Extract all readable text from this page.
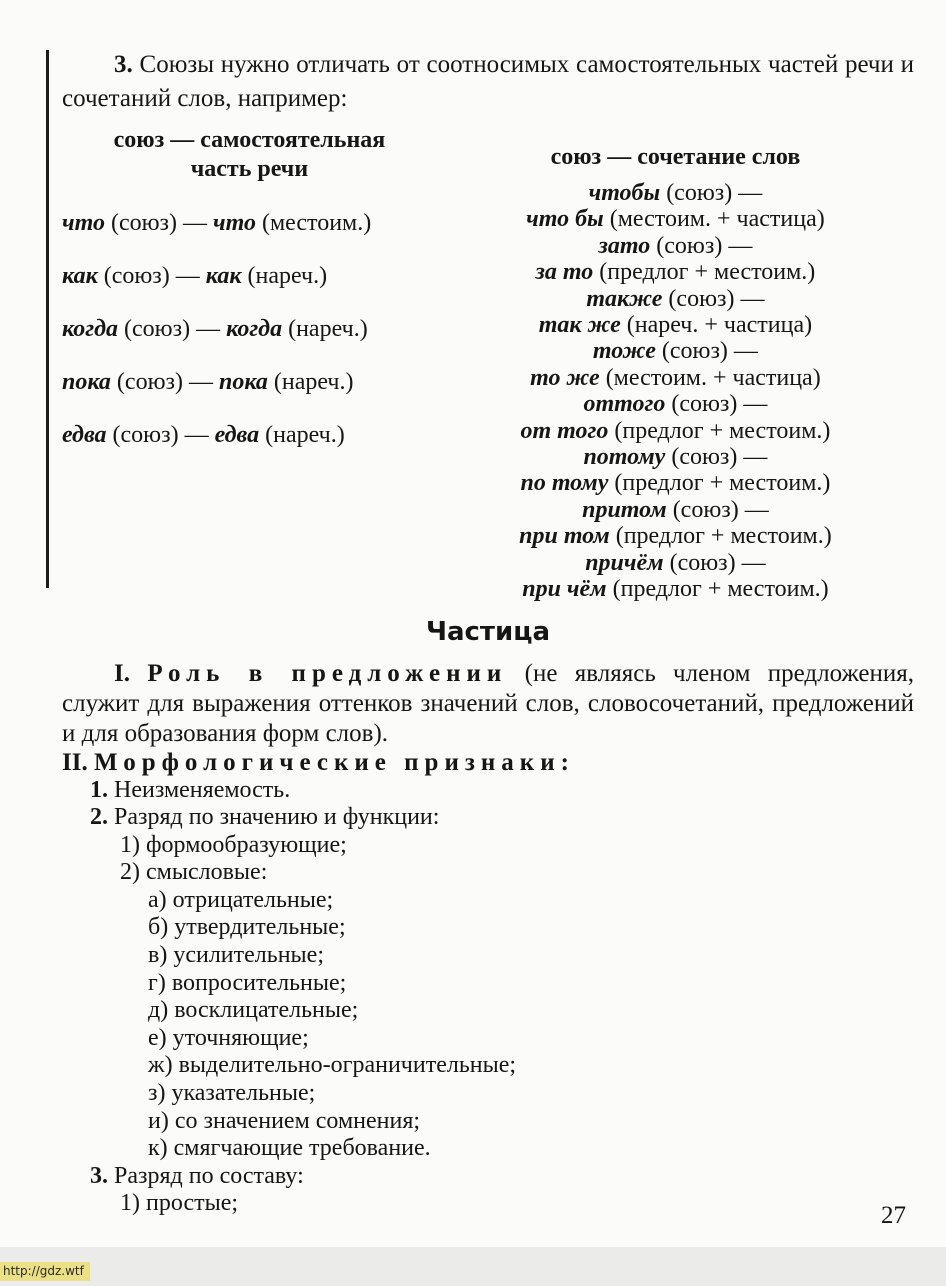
3. Союзы нужно отличать от соотносимых самостоятельных частей речи и сочетаний слов, например:

союз — самостоятельная часть речи
что (союз) — что (местоим.)
как (союз) — как (нареч.)
когда (союз) — когда (нареч.)
пока (союз) — пока (нареч.)
едва (союз) — едва (нареч.)
союз — сочетание слов
чтобы (союз) —
что бы (местоим. + частица)
зато (союз) —
за то (предлог + местоим.)
также (союз) —
так же (нареч. + частица)
тоже (союз) —
то же (местоим. + частица)
оттого (союз) —
от того (предлог + местоим.)
потому (союз) —
по тому (предлог + местоим.)
притом (союз) —
при том (предлог + местоим.)
причём (союз) —
при чём (предлог + местоим.)
Частица

I. Роль в предложении (не являясь членом предложения, служит для выражения оттенков значений слов, словосочетаний, предложений и для образования форм слов).

II. Морфологические признаки:

1. Неизменяемость.
2. Разряд по значению и функции:
1) формообразующие;
2) смысловые:
а) отрицательные;
б) утвердительные;
в) усилительные;
г) вопросительные;
д) восклицательные;
е) уточняющие;
ж) выделительно-ограничительные;
з) указательные;
и) со значением сомнения;
к) смягчающие требование.
3. Разряд по составу:
1) простые;	27
http://gdz.wtf
